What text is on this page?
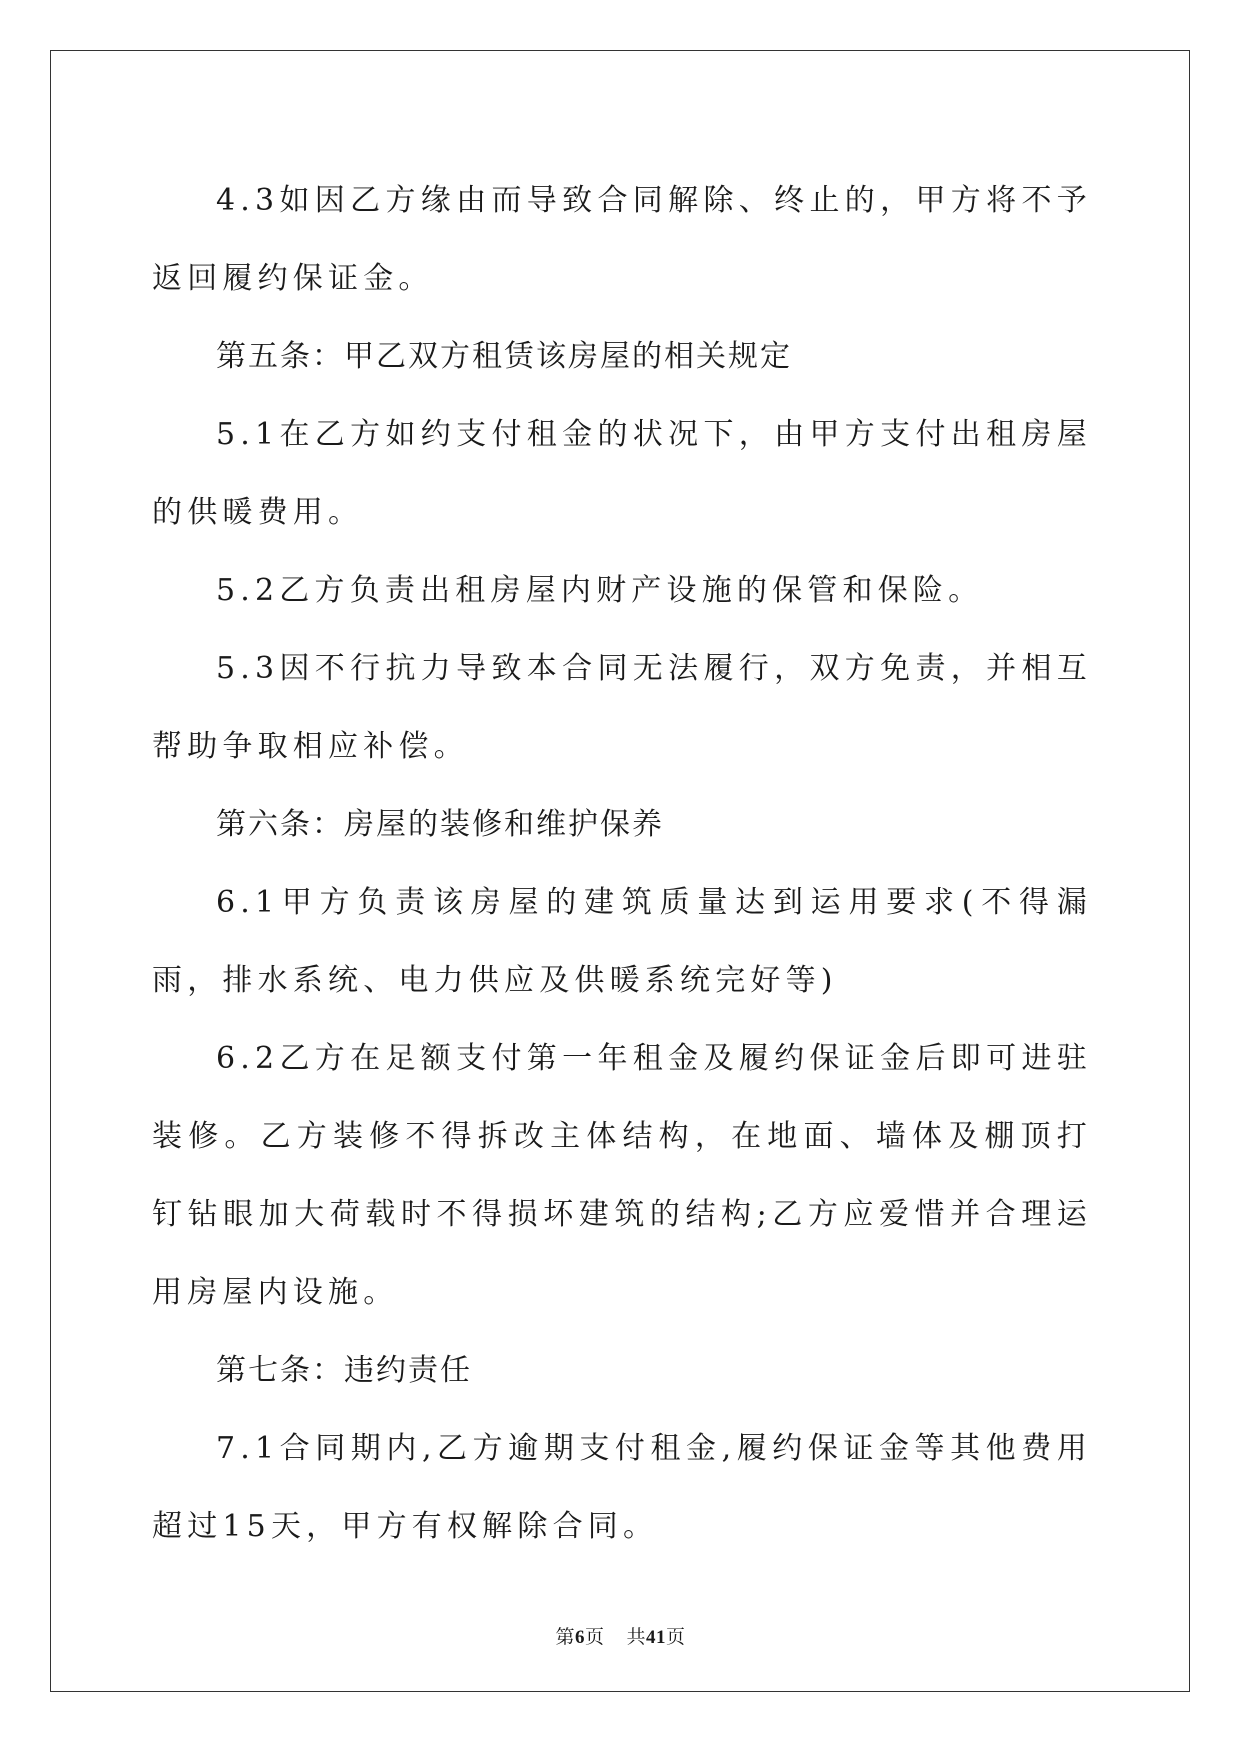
4.3如因乙方缘由而导致合同解除、终止的，甲方将不予返回履约保证金。

第五条：甲乙双方租赁该房屋的相关规定

5.1在乙方如约支付租金的状况下，由甲方支付出租房屋的供暖费用。

5.2乙方负责出租房屋内财产设施的保管和保险。

5.3因不行抗力导致本合同无法履行，双方免责，并相互帮助争取相应补偿。

第六条：房屋的装修和维护保养

6.1甲方负责该房屋的建筑质量达到运用要求(不得漏雨，排水系统、电力供应及供暖系统完好等)

6.2乙方在足额支付第一年租金及履约保证金后即可进驻装修。乙方装修不得拆改主体结构，在地面、墙体及棚顶打钉钻眼加大荷载时不得损坏建筑的结构;乙方应爱惜并合理运用房屋内设施。

第七条：违约责任

7.1合同期内,乙方逾期支付租金,履约保证金等其他费用超过15天，甲方有权解除合同。

第6页 共41页
